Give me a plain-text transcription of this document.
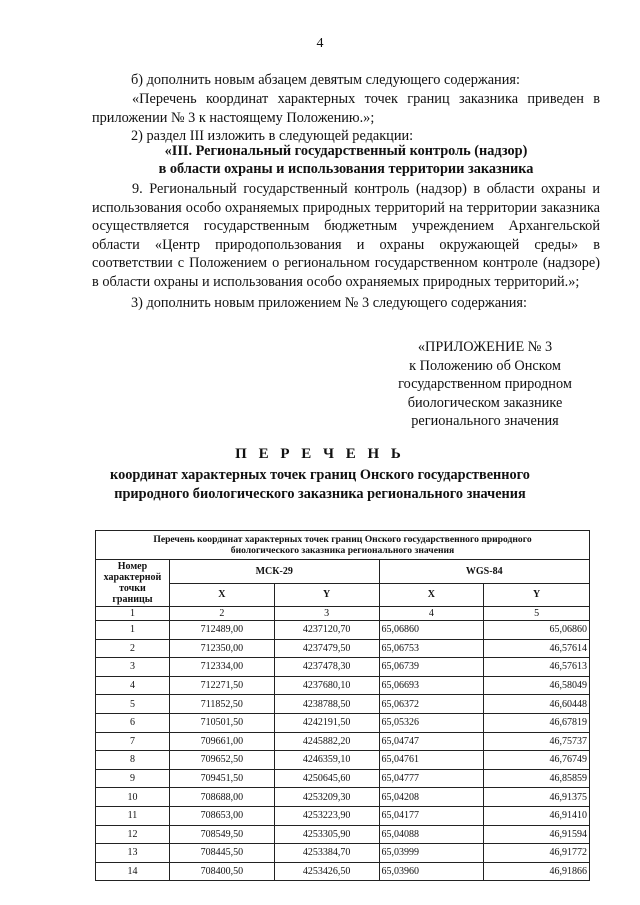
4
б) дополнить новым абзацем девятым следующего содержания:
«Перечень координат характерных точек границ заказника приведен в приложении № 3 к настоящему Положению.»;
2) раздел III изложить в следующей редакции:
«III. Региональный государственный контроль (надзор)
в области охраны и использования территории заказника
9. Региональный государственный контроль (надзор) в области охраны и использования особо охраняемых природных территорий на территории заказника осуществляется государственным бюджетным учреждением Архангельской области «Центр природопользования и охраны окружающей среды» в соответствии с Положением о региональном государственном контроле (надзоре) в области охраны и использования особо охраняемых природных территорий.»;
3) дополнить новым приложением № 3 следующего содержания:
«ПРИЛОЖЕНИЕ № 3
к Положению об Онском
государственном природном
биологическом заказнике
регионального значения
П Е Р Е Ч Е Н Ь
координат характерных точек границ Онского государственного
природного биологического заказника регионального значения
Перечень координат характерных точек границ Онского государственного природного
биологического заказника регионального значения				

Номер характерной точки границы	МСК-29		WGS-84	
	X	Y	X	Y
1	2	3	4	5
1	712489,00	4237120,70	65,06860	65,06860
2	712350,00	4237479,50	65,06753	46,57614
3	712334,00	4237478,30	65,06739	46,57613
4	712271,50	4237680,10	65,06693	46,58049
5	711852,50	4238788,50	65,06372	46,60448
6	710501,50	4242191,50	65,05326	46,67819
7	709661,00	4245882,20	65,04747	46,75737
8	709652,50	4246359,10	65,04761	46,76749
9	709451,50	4250645,60	65,04777	46,85859
10	708688,00	4253209,30	65,04208	46,91375
11	708653,00	4253223,90	65,04177	46,91410
12	708549,50	4253305,90	65,04088	46,91594
13	708445,50	4253384,70	65,03999	46,91772
14	708400,50	4253426,50	65,03960	46,91866
